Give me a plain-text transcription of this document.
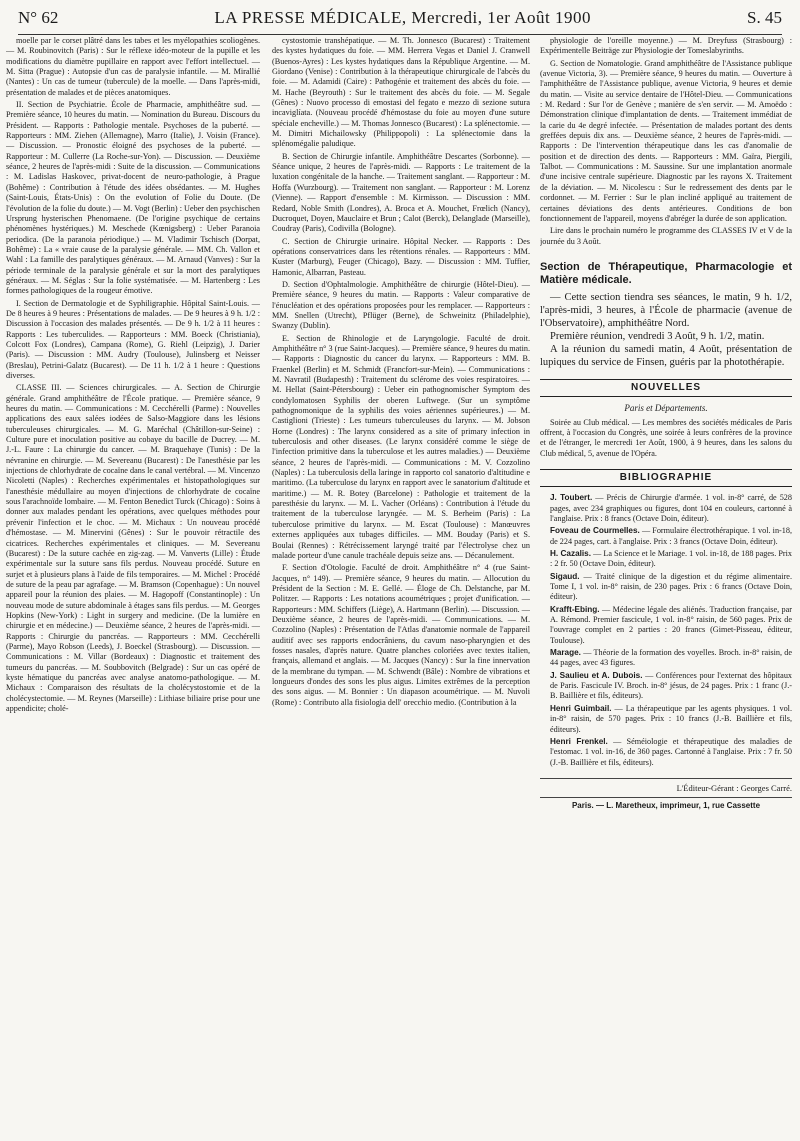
N° 62	LA PRESSE MÉDICALE, Mercredi, 1er Août 1900	S. 45

moelle par le corset plâtré dans les tabes et les myélopathies scoliogènes. — M. Roubinovitch (Paris) : Sur le réflexe idéo-moteur de la pupille et les modifications du diamètre pupillaire en rapport avec l'effort intellectuel. — M. Sitta (Prague) : Autopsie d'un cas de paralysie infantile. — M. Mirallié (Nantes) : Un cas de tumeur (tubercule) de la moelle. — Dans l'après-midi, présentation de malades et de pièces anatomiques.

II. Section de Psychiatrie. École de Pharmacie, amphithéâtre sud. — Première séance, 10 heures du matin. — Nomination du Bureau. Discours du Président. — Rapports : Pathologie mentale. Psychoses de la puberté. — Rapporteurs : MM. Ziehen (Allemagne), Marro (Italie), J. Voisin (France). — Discussion. — Pronostic éloigné des psychoses de la puberté. — Rapporteur : M. Cullerre (La Roche-sur-Yon). — Discussion. — Deuxième séance, 2 heures de l'après-midi : Suite de la discussion. — Communications : M. Ladislas Haskovec, privat-docent de neuro-pathologie, à Prague (Bohême) : Contribution à l'étude des idées obsédantes. — M. Hughes (Saint-Louis, États-Unis) : On the evolution of Folie du Doute. (De l'évolution de la folie du doute.) — M. Vogt (Berlin) : Ueber den psychischen Ursprung hysterischen Phenomaene. (De l'origine psychique de certains phénomènes hystériques.) M. Meschede (Kœnigsberg) : Ueber Paranoia periodica. (De la paranoia périodique.) — M. Vladimir Tschisch (Dorpat, Bohême) : La « vraie cause de la paralysie générale. — MM. Ch. Vallon et Wahl : La famille des paralytiques généraux. — M. Arnaud (Vanves) : Sur la période terminale de la paralysie générale et sur la mort des paralytiques généraux. — M. Séglas : Sur la folie systématisée. — M. Hartenberg : Les formes pathologiques de la rougeur émotive.

I. Section de Dermatologie et de Syphiligraphie. Hôpital Saint-Louis. — De 8 heures à 9 heures : Présentations de malades. — De 9 heures à 9 h. 1/2 : Discussion à l'occasion des malades présentés. — De 9 h. 1/2 à 11 heures : Rapports : Les tuberculides. — Rapporteurs : MM. Boeck (Christiania), Colcott Fox (Londres), Campana (Rome), G. Riehl (Leipzig), J. Darier (Paris). — Discussion : MM. Audry (Toulouse), Julinsberg et Neisser (Breslau), Petrini-Galatz (Bucarest). — De 11 h. 1/2 à 1 heure : Questions diverses.

CLASSE III. — Sciences chirurgicales. — A. Section de Chirurgie générale. Grand amphithéâtre de l'École pratique. — Première séance, 9 heures du matin. — Communications : M. Cecchérelli (Parme) : Nouvelles applications des eaux salées iodées de Salso-Maggiore dans les lésions tuberculeuses chirurgicales. — M. G. Maréchal (Châtillon-sur-Seine) : Culture pure et inoculation positive au cobaye du bacille de Ducrey. — M. J.-L. Faure : La chirurgie du cancer. — M. Braquehaye (Tunis) : De la névranine en chirurgie. — M. Severeanu (Bucarest) : De l'anesthésie par les injections de chlorhydrate de cocaïne dans le canal vertébral. — M. Vincenzo Nicoletti (Naples) : Recherches expérimentales et histopathologiques sur l'anesthésie médullaire au moyen d'injections de chlorhydrate de cocaïne sous l'arachnoïde lombaire. — M. Fenton Benedict Turck (Chicago) : Soins à donner aux malades pendant les opérations, avec quelques méthodes pour prévenir l'infection et le choc. — M. Michaux : Un nouveau procédé d'hémostase. — M. Minervini (Gênes) : Sur le pouvoir rétractile des cicatrices. Recherches expérimentales et cliniques. — M. Severeanu (Bucarest) : De la suture cachée en zig-zag. — M. Vanverts (Lille) : Étude expérimentale sur la suture sans fils perdus. Nouveau procédé. Suture en surjet et à plusieurs plans à l'aide de fils temporaires. — M. Michel : Procédé de suture de la peau par agrafage. — M. Bramson (Copenhague) : Un nouvel appareil pour la réunion des plaies. — M. Hagopoff (Constantinople) : Un nouveau mode de suture abdominale à étages sans fils perdus. — M. Georges Hopkins (New-York) : Light in surgery and medicine. (De la lumière en chirurgie et en médecine.) — Deuxième séance, 2 heures de l'après-midi. — Rapports : Chirurgie du pancréas. — Rapporteurs : MM. Cecchérelli (Parme), Mayo Robson (Leeds), J. Boeckel (Strasbourg). — Discussion. — Communications : M. Villar (Bordeaux) : Diagnostic et traitement des tumeurs du pancréas. — M. Soubbovitch (Belgrade) : Sur un cas opéré de kyste hématique du pancréas avec analyse anatomo-pathologique. — M. Michaux : Comparaison des résultats de la cholécystostomie et de la cholécystectomie. — M. Reynes (Marseille) : Lithiase biliaire prise pour une appendicite; cholé-

cystostomie transhépatique. — M. Th. Jonnesco (Bucarest) : Traitement des kystes hydatiques du foie. — MM. Herrera Vegas et Daniel J. Cranwell (Buenos-Ayres) : Les kystes hydatiques dans la République Argentine. — M. Giordano (Venise) : Contribution à la thérapeutique chirurgicale de l'abcès du foie. — M. Adamidi (Caire) : Pathogénie et traitement des abcès du foie. — M. Hache (Beyrouth) : Sur le traitement des abcès du foie. — M. Segale (Gênes) : Nuovo processo di emostasi del fegato e mezzo di sezione sutura incaviglíata. (Nouveau procédé d'hémostase du foie au moyen d'une suture spéciale encheville.) — M. Thomas Jonnesco (Bucarest) : La splénectomie. — M. Dimitri Michailowsky (Philippopoli) : La splénectomie dans la splénomégalie paludique.

B. Section de Chirurgie infantile. Amphithéâtre Descartes (Sorbonne). — Séance unique, 2 heures de l'après-midi. — Rapports : Le traitement de la luxation congénitale de la hanche. — Traitement sanglant. — Rapporteur : M. Hoffa (Wurzbourg). — Traitement non sanglant. — Rapporteur : M. Lorenz (Vienne). — Rapport d'ensemble : M. Kirmisson. — Discussion : MM. Redard, Noble Smith (Londres), A. Broca et A. Mouchet, Frœlich (Nancy), Ducroquet, Doyen, Mauclaire et Brun ; Calot (Berck), Delanglade (Marseille), Coudray (Paris), Codivilla (Bologne).

C. Section de Chirurgie urinaire. Hôpital Necker. — Rapports : Des opérations conservatrices dans les rétentions rénales. — Rapporteurs : MM. Kuster (Marburg), Feuger (Chicago), Bazy. — Discussion : MM. Tuffier, Hamonic, Albarran, Pasteau.

D. Section d'Ophtalmologie. Amphithéâtre de chirurgie (Hôtel-Dieu). — Première séance, 9 heures du matin. — Rapports : Valeur comparative de l'énucléation et des opérations proposées pour les remplacer. — Rapporteurs : MM. Snellen (Utrecht), Pflüger (Berne), de Schweinitz (Philadelphie), Swanzy (Dublin).

E. Section de Rhinologie et de Laryngologie. Faculté de droit. Amphithéâtre n° 3 (rue Saint-Jacques). — Première séance, 9 heures du matin. — Rapports : Diagnostic du cancer du larynx. — Rapporteurs : MM. B. Fraenkel (Berlin) et M. Schmidt (Francfort-sur-Mein). — Communications : M. Navratil (Budapesth) : Traitement du sclérome des voies respiratoires. — M. Hellat (Saint-Pétersbourg) : Ueber ein pathognomischer Symptom des condylomatosen Syphilis der oberen Luftwege. (Sur un symptôme pathognomonique de la syphilis des voies aériennes supérieures.) — M. Castiglioni (Trieste) : Les tumeurs tuberculeuses du larynx. — M. Jobson Horne (Londres) : The larynx considered as a site of primary infection in tuberculosis and other diseases. (Le larynx considéré comme le siège de l'infection primitive dans la tuberculose et les autres maladies.) — Deuxième séance, 2 heures de l'après-midi. — Communications : M. V. Cozzolino (Naples) : La tuberculosis della laringe in rapporto col sanatorio d'altitudine e maritimo. (La tuberculose du larynx en rapport avec le sanatorium d'altitude et maritime.) — M. R. Botey (Barcelone) : Pathologie et traitement de la paresthésie du larynx. — M. L. Vacher (Orléans) : Contribution à l'étude du traitement de la tuberculose laryngée. — M. S. Berheim (Paris) : La tuberculose primitive du larynx. — M. Escat (Toulouse) : Manœuvres externes appliquées aux tubages difficiles. — MM. Bouday (Paris) et S. Boulai (Rennes) : Rétrécissement laryngé traité par l'électrolyse chez un malade porteur d'une canule trachéale depuis seize ans. — Décanulement.

F. Section d'Otologie. Faculté de droit. Amphithéâtre n° 4 (rue Saint-Jacques, n° 149). — Première séance, 9 heures du matin. — Allocution du Président de la Section : M. E. Gellé. — Éloge de Ch. Delstanche, par M. Politzer. — Rapports : Les notations acoumétriques ; projet d'unification. — Rapporteurs : MM. Schiffers (Liège), A. Hartmann (Berlin). — Discussion. — Deuxième séance, 2 heures de l'après-midi. — Communications. — M. Cozzolino (Naples) : Présentation de l'Atlas d'anatomie normale de l'appareil auditif avec ses rapports endocrâniens, du cavum naso-pharyngien et des fosses nasales, d'après nature. Quatre planches coloriées avec textes italien, français, allemand et anglais. — M. Jacques (Nancy) : Sur la fine innervation de la membrane du tympan. — M. Schwendt (Bâle) : Nombre de vibrations et longueurs d'ondes des sons les plus aigus. Limites extrêmes de la perception des sons aigus. — M. Bonnier : Un diapason acoumétrique. — M. Nuvoli (Rome) : Contributo alla fisiologia dell' orecchio medio. (Contribution à la

physiologie de l'oreille moyenne.) — M. Dreyfuss (Strasbourg) : Expérimentelle Beiträge zur Physiologie der Tomeslabyrinths.

G. Section de Nomatologie. Grand amphithéâtre de l'Assistance publique (avenue Victoria, 3). — Première séance, 9 heures du matin. — Ouverture à l'amphithéâtre de l'Assistance publique, avenue Victoria, 9 heures et demie du matin. — Visite au service dentaire de l'Hôtel-Dieu. — Communications : M. Redard : Sur l'or de Genève ; manière de s'en servir. — M. Amoëdo : Démonstration clinique d'implantation de dents. — Traitement immédiat de la carie du 4e degré infectée. — Présentation de malades portant des dents greffées depuis dix ans. — Deuxième séance, 2 heures de l'après-midi. — Rapports : De l'intervention thérapeutique dans les cas d'anomalie de position et de direction des dents. — Rapporteurs : MM. Gaïra, Piergili, Talbot. — Communications : M. Saussine. Sur une implantation anormale d'une incisive centrale supérieure. Diagnostic par les rayons X. Traitement de la déviation. — M. Nicolescu : Sur le redressement des dents par le cordonnet. — M. Ferrier : Sur le plan incliné appliqué au traitement de certaines déviations des dents antérieures. Conditions de bon fonctionnement de l'appareil, moyens d'abréger la durée de son application.

Lire dans le prochain numéro le programme des CLASSES IV et V de la journée du 3 Août.

Section de Thérapeutique, Pharmacologie et Matière médicale.

— Cette section tiendra ses séances, le matin, 9 h. 1/2, l'après-midi, 3 heures, à l'École de pharmacie (avenue de l'Observatoire), amphithéâtre Nord.

Première réunion, vendredi 3 Août, 9 h. 1/2, matin.

A la réunion du samedi matin, 4 Août, présentation de lupiques du service de Finsen, guéris par la photothérapie.

NOUVELLES
Paris et Départements.

Soirée au Club médical. — Les membres des sociétés médicales de Paris offrent, à l'occasion du Congrès, une soirée à leurs confrères de la province et de l'étranger, le mercredi 1er Août, 1900, à 9 heures, dans les salons du Club médical, 5, avenue de l'Opéra.

BIBLIOGRAPHIE

J. Toubert. — Précis de Chirurgie d'armée. 1 vol. in-8° carré, de 528 pages, avec 234 graphiques ou figures, dont 104 en couleurs, cartonné à l'anglaise. Prix : 8 francs (Octave Doin, éditeur).

Foveau de Courmelles. — Formulaire électrothérapique. 1 vol. in-18, de 224 pages, cart. à l'anglaise. Prix : 3 francs (Octave Doin, éditeur).

H. Cazalis. — La Science et le Mariage. 1 vol. in-18, de 188 pages. Prix : 2 fr. 50 (Octave Doin, éditeur).

Sigaud. — Traité clinique de la digestion et du régime alimentaire. Tome I, 1 vol. in-8° raisin, de 230 pages. Prix : 6 francs (Octave Doin, éditeur).

Krafft-Ebing. — Médecine légale des aliénés. Traduction française, par A. Rémond. Premier fascicule, 1 vol. in-8° raisin, de 560 pages. Prix de l'ouvrage complet en 2 parties : 20 francs (Gimet-Pisseau, éditeur, Toulouse).

Marage. — Théorie de la formation des voyelles. Broch. in-8° raisin, de 44 pages, avec 43 figures.

J. Saulieu et A. Dubois. — Conférences pour l'externat des hôpitaux de Paris. Fascicule IV. Broch. in-8° jésus, de 24 pages. Prix : 1 franc (J.-B. Baillière et fils, éditeurs).

Henri Guimbail. — La thérapeutique par les agents physiques. 1 vol. in-8° raisin, de 570 pages. Prix : 10 francs (J.-B. Baillière et fils, éditeurs).

Henri Frenkel. — Séméiologie et thérapeutique des maladies de l'estomac. 1 vol. in-16, de 360 pages. Cartonné à l'anglaise. Prix : 7 fr. 50 (J.-B. Baillière et fils, éditeurs).

L'Éditeur-Gérant : Georges Carré.
Paris. — L. Maretheux, imprimeur, 1, rue Cassette
